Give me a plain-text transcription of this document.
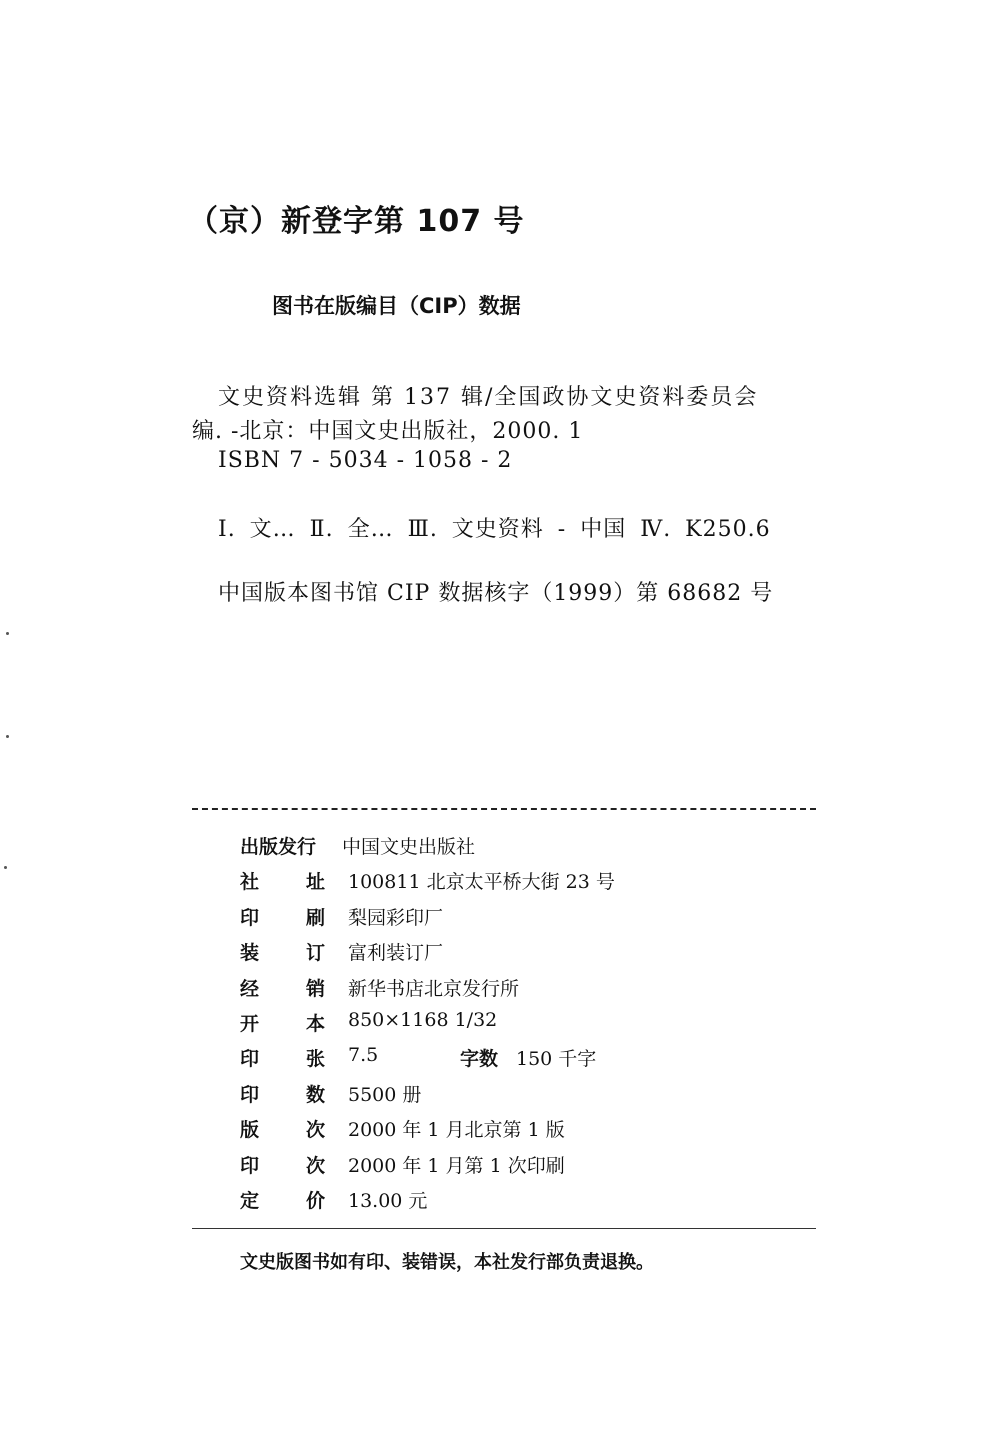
（京）新登字第 107 号
图书在版编目（CIP）数据
文史资料选辑 第 137 辑/全国政协文史资料委员会
编. -北京：中国文史出版社，2000. 1
ISBN 7 - 5034 - 1058 - 2
Ⅰ. 文… Ⅱ. 全… Ⅲ. 文史资料 - 中国 Ⅳ. K250.6
中国版本图书馆 CIP 数据核字（1999）第 68682 号
出版发行 中国文史出版社
社 址 100811 北京太平桥大街 23 号
印 刷 梨园彩印厂
装 订 富利装订厂
经 销 新华书店北京发行所
开 本 850×1168 1/32
印 张 7.5	字数 150 千字
印 数 5500 册
版 次 2000 年 1 月北京第 1 版
印 次 2000 年 1 月第 1 次印刷
定 价 13.00 元
文史版图书如有印、装错误，本社发行部负责退换。
